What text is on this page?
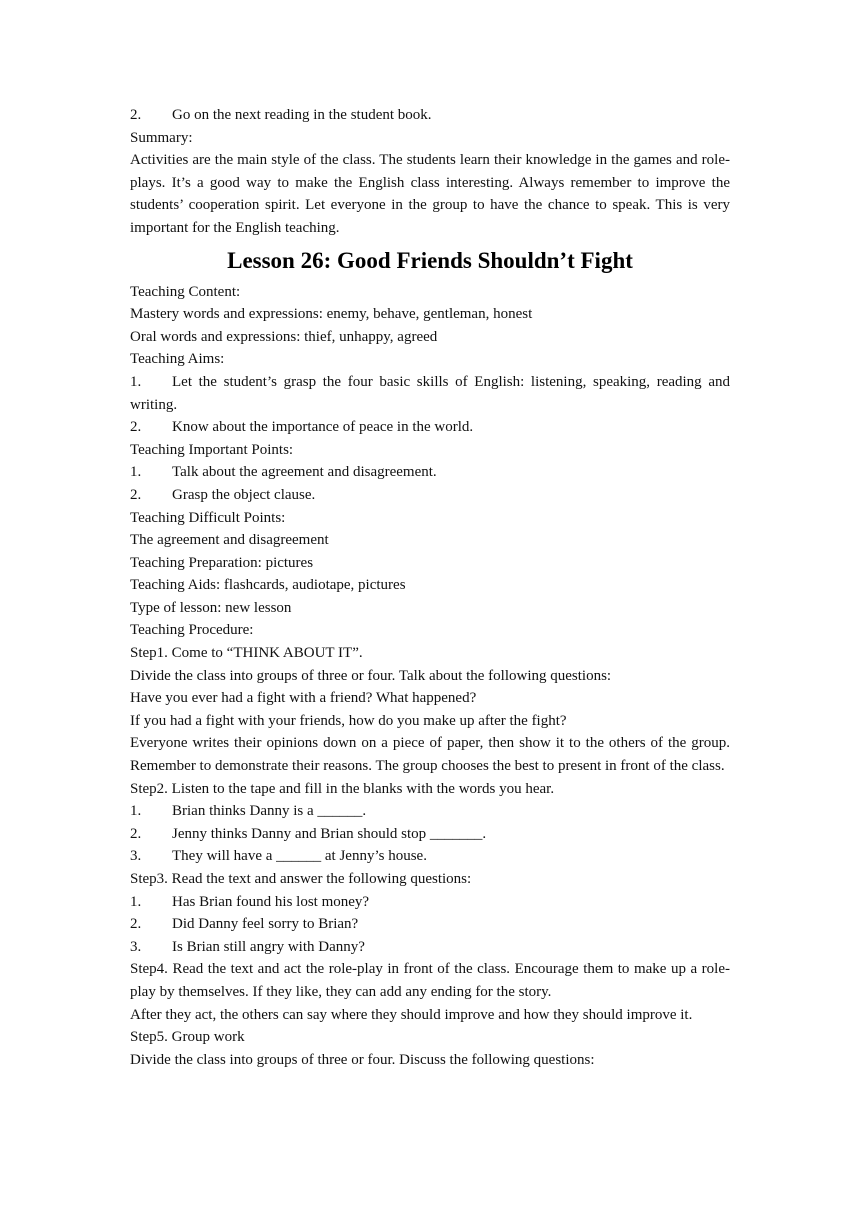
2.	Go on the next reading in the student book.

Summary:

Activities are the main style of the class. The students learn their knowledge in the games and role-plays. It’s a good way to make the English class interesting. Always remember to improve the students’ cooperation spirit. Let everyone in the group to have the chance to speak. This is very important for the English teaching.

Lesson 26: Good Friends Shouldn’t Fight

Teaching Content:

Mastery words and expressions: enemy, behave, gentleman, honest

Oral words and expressions: thief, unhappy, agreed

Teaching Aims:

1. Let the student’s grasp the four basic skills of English: listening, speaking, reading and writing.

2.	Know about the importance of peace in the world.

Teaching Important Points:

1.	Talk about the agreement and disagreement.
2.	Grasp the object clause.

Teaching Difficult Points:

The agreement and disagreement

Teaching Preparation: pictures

Teaching Aids: flashcards, audiotape, pictures

Type of lesson: new lesson

Teaching Procedure:

Step1. Come to “THINK ABOUT IT”.

Divide the class into groups of three or four. Talk about the following questions:

Have you ever had a fight with a friend? What happened?

If you had a fight with your friends, how do you make up after the fight?

Everyone writes their opinions down on a piece of paper, then show it to the others of the group. Remember to demonstrate their reasons. The group chooses the best to present in front of the class.

Step2. Listen to the tape and fill in the blanks with the words you hear.

1.	Brian thinks Danny is a ______.
2.	Jenny thinks Danny and Brian should stop _______.
3.	They will have a ______ at Jenny’s house.

Step3. Read the text and answer the following questions:

1.	Has Brian found his lost money?
2.	Did Danny feel sorry to Brian?
3.	Is Brian still angry with Danny?

Step4. Read the text and act the role-play in front of the class. Encourage them to make up a role-play by themselves. If they like, they can add any ending for the story.

After they act, the others can say where they should improve and how they should improve it.

Step5. Group work

Divide the class into groups of three or four. Discuss the following questions:
